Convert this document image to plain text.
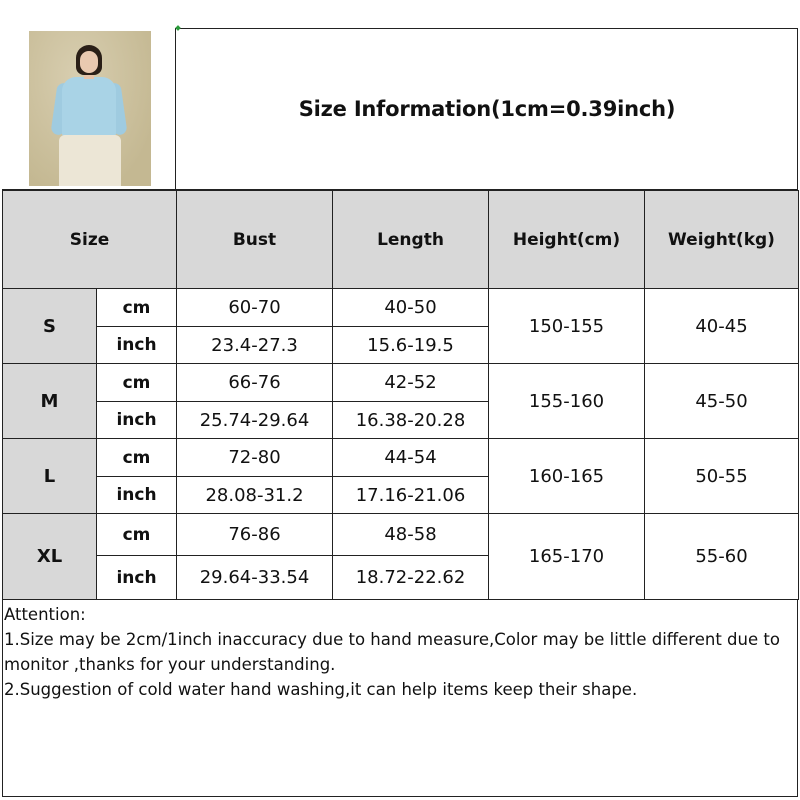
Size Information(1cm=0.39inch)
Size		Bust	Length	Height(cm)	Weight(kg)
S	cm	60-70	40-50	150-155	40-45
	inch	23.4-27.3	15.6-19.5		
M	cm	66-76	42-52	155-160	45-50
	inch	25.74-29.64	16.38-20.28		
L	cm	72-80	44-54	160-165	50-55
	inch	28.08-31.2	17.16-21.06		
XL	cm	76-86	48-58	165-170	55-60
	inch	29.64-33.54	18.72-22.62		
Attention:
1.Size may be 2cm/1inch inaccuracy due to hand measure,Color may be little different due to monitor ,thanks for your understanding.
2.Suggestion of cold water hand washing,it can help items keep their shape.
